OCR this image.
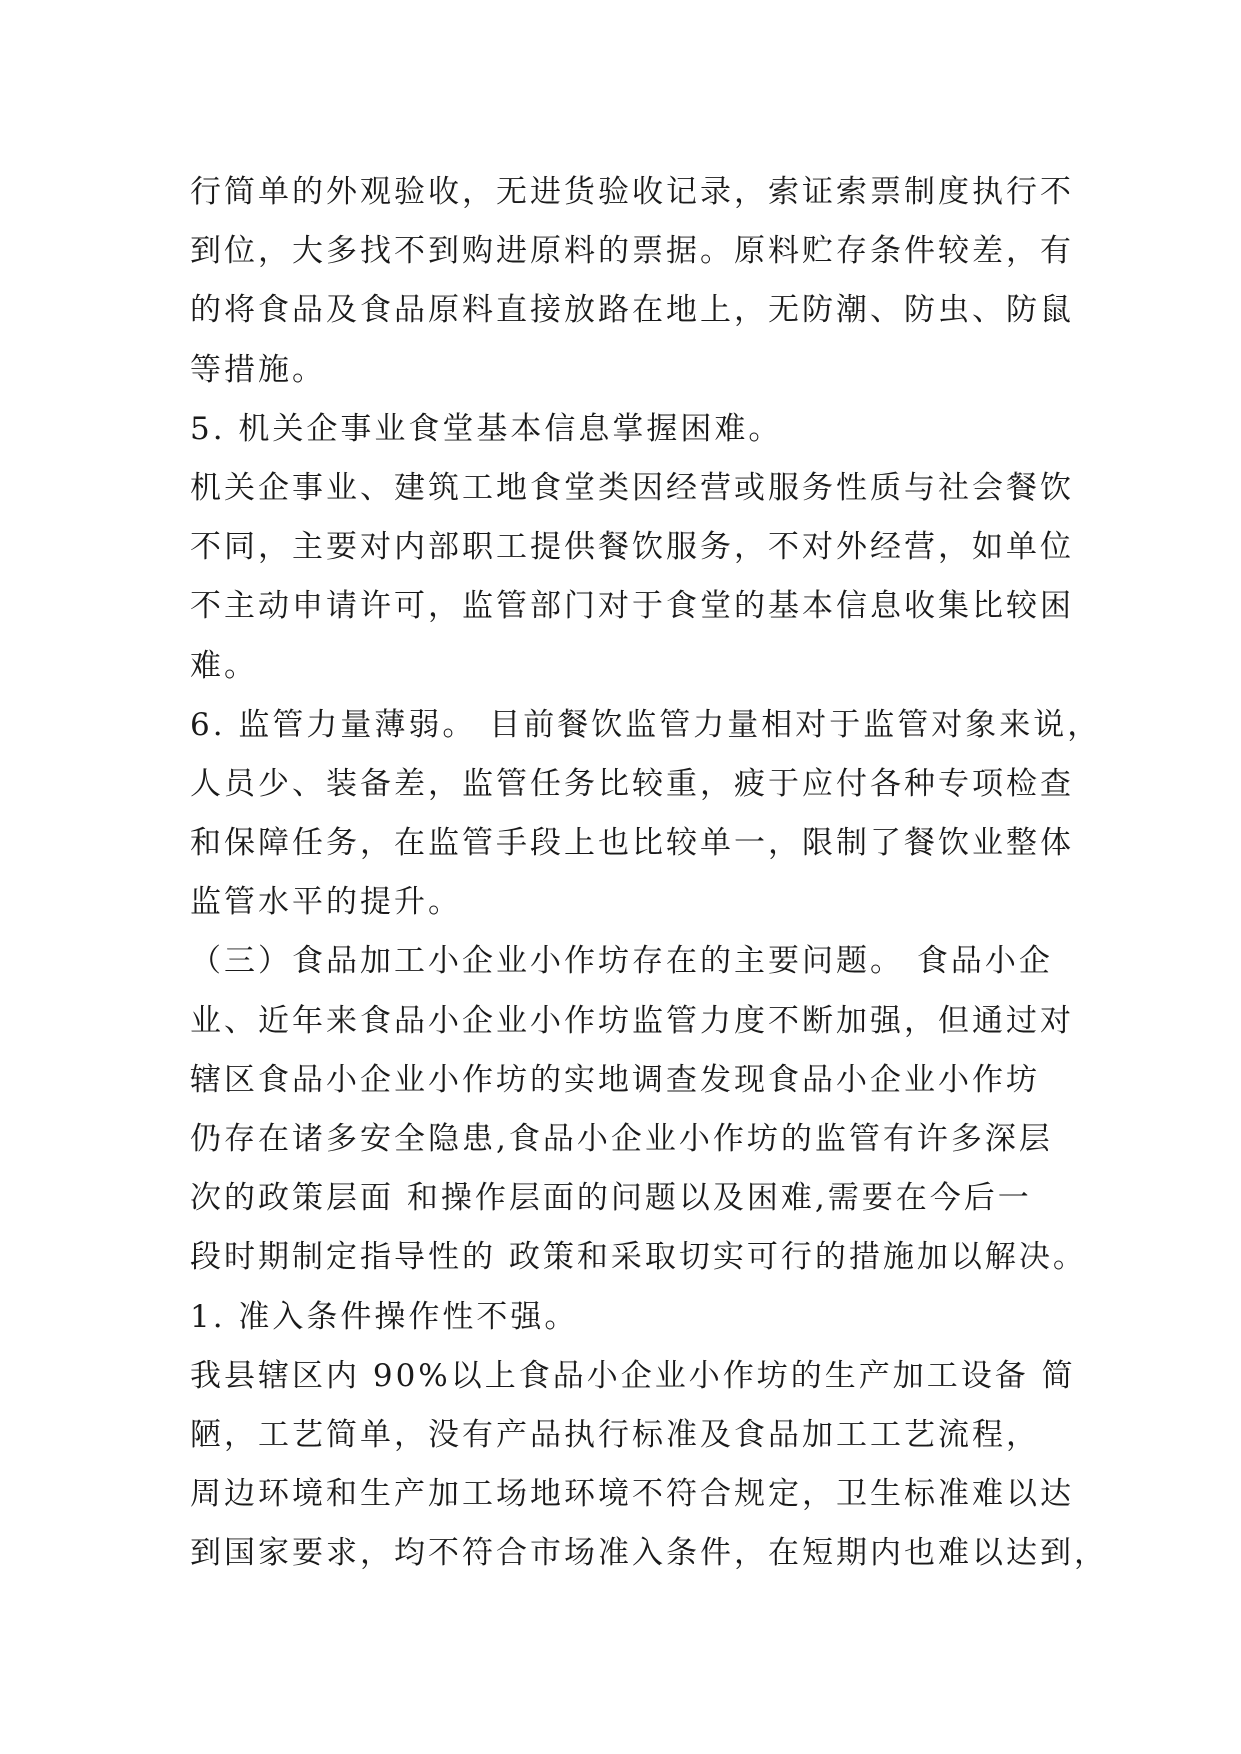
行简单的外观验收，无进货验收记录，索证索票制度执行不
到位，大多找不到购进原料的票据。原料贮存条件较差，有
的将食品及食品原料直接放路在地上，无防潮、防虫、防鼠
等措施。
5. 机关企事业食堂基本信息掌握困难。
机关企事业、建筑工地食堂类因经营或服务性质与社会餐饮
不同，主要对内部职工提供餐饮服务，不对外经营，如单位
不主动申请许可，监管部门对于食堂的基本信息收集比较困
难。
6. 监管力量薄弱。 目前餐饮监管力量相对于监管对象来说，
人员少、装备差，监管任务比较重，疲于应付各种专项检查
和保障任务，在监管手段上也比较单一，限制了餐饮业整体
监管水平的提升。
（三）食品加工小企业小作坊存在的主要问题。 食品小企
业、近年来食品小企业小作坊监管力度不断加强，但通过对
辖区食品小企业小作坊的实地调查发现食品小企业小作坊
仍存在诸多安全隐患,食品小企业小作坊的监管有许多深层
次的政策层面 和操作层面的问题以及困难,需要在今后一
段时期制定指导性的 政策和采取切实可行的措施加以解决。
1. 准入条件操作性不强。
我县辖区内 90%以上食品小企业小作坊的生产加工设备 简
陋，工艺简单，没有产品执行标准及食品加工工艺流程，
周边环境和生产加工场地环境不符合规定，卫生标准难以达
到国家要求，均不符合市场准入条件，在短期内也难以达到，
